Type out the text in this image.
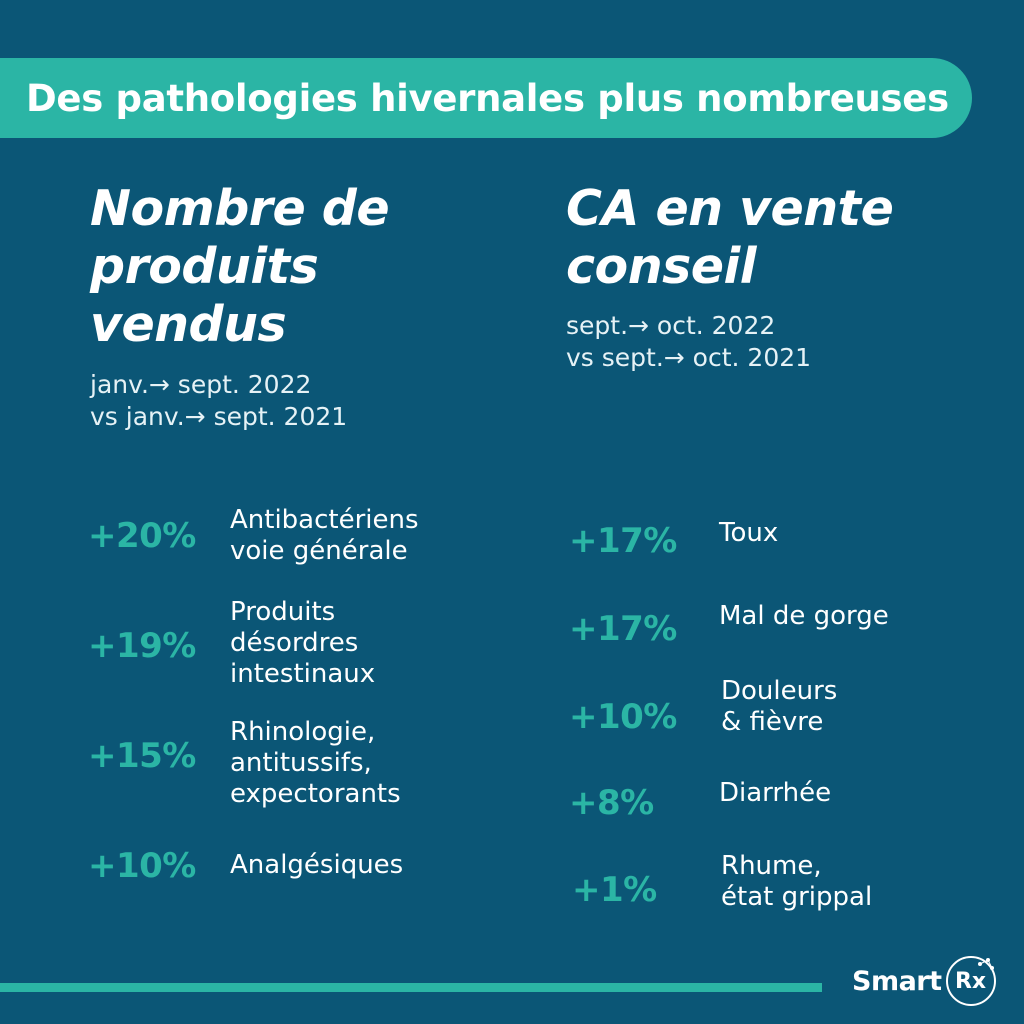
Des pathologies hivernales plus nombreuses
Nombre de
produits
vendus
janv.→ sept. 2022
vs janv.→ sept. 2021
+20% Antibactériens
voie générale
+19%
Produits
désordres
intestinaux
+15%
Rhinologie,
antitussifs,
expectorants
+10% Analgésiques
CA en vente
conseil
sept.→ oct. 2022
vs sept.→ oct. 2021
+17% Toux
+17% Mal de gorge
+10%
Douleurs
& fièvre
+8%	Diarrhée
+1%
Rhume,
état grippal
Smart Rx
